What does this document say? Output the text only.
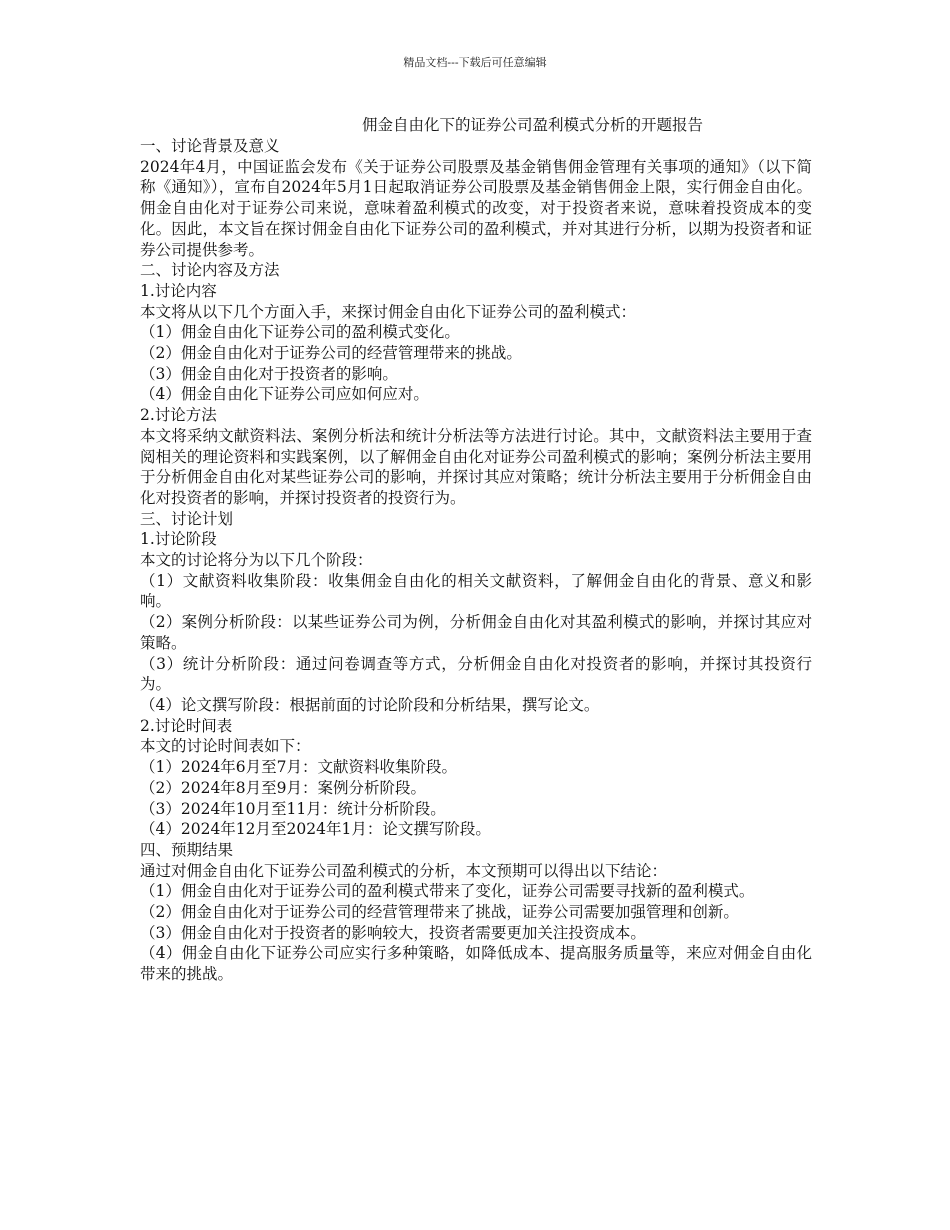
精品文档---下载后可任意编辑
佣金自由化下的证券公司盈利模式分析的开题报告

一、讨论背景及意义

2024年4月，中国证监会发布《关于证券公司股票及基金销售佣金管理有关事项的通知》（以下简称《通知》），宣布自2024年5月1日起取消证券公司股票及基金销售佣金上限，实行佣金自由化。佣金自由化对于证券公司来说，意味着盈利模式的改变，对于投资者来说，意味着投资成本的变化。因此，本文旨在探讨佣金自由化下证券公司的盈利模式，并对其进行分析，以期为投资者和证券公司提供参考。

二、讨论内容及方法

1.讨论内容

本文将从以下几个方面入手，来探讨佣金自由化下证券公司的盈利模式：

（1）佣金自由化下证券公司的盈利模式变化。

（2）佣金自由化对于证券公司的经营管理带来的挑战。

（3）佣金自由化对于投资者的影响。

（4）佣金自由化下证券公司应如何应对。

2.讨论方法

本文将采纳文献资料法、案例分析法和统计分析法等方法进行讨论。其中，文献资料法主要用于查阅相关的理论资料和实践案例，以了解佣金自由化对证券公司盈利模式的影响；案例分析法主要用于分析佣金自由化对某些证券公司的影响，并探讨其应对策略；统计分析法主要用于分析佣金自由化对投资者的影响，并探讨投资者的投资行为。

三、讨论计划

1.讨论阶段

本文的讨论将分为以下几个阶段：

（1）文献资料收集阶段：收集佣金自由化的相关文献资料，了解佣金自由化的背景、意义和影响。

（2）案例分析阶段：以某些证券公司为例，分析佣金自由化对其盈利模式的影响，并探讨其应对策略。

（3）统计分析阶段：通过问卷调查等方式，分析佣金自由化对投资者的影响，并探讨其投资行为。

（4）论文撰写阶段：根据前面的讨论阶段和分析结果，撰写论文。

2.讨论时间表

本文的讨论时间表如下：

（1）2024年6月至7月：文献资料收集阶段。

（2）2024年8月至9月：案例分析阶段。

（3）2024年10月至11月：统计分析阶段。

（4）2024年12月至2024年1月：论文撰写阶段。

四、预期结果

通过对佣金自由化下证券公司盈利模式的分析，本文预期可以得出以下结论：

（1）佣金自由化对于证券公司的盈利模式带来了变化，证券公司需要寻找新的盈利模式。

（2）佣金自由化对于证券公司的经营管理带来了挑战，证券公司需要加强管理和创新。

（3）佣金自由化对于投资者的影响较大，投资者需要更加关注投资成本。

（4）佣金自由化下证券公司应实行多种策略，如降低成本、提高服务质量等，来应对佣金自由化带来的挑战。
